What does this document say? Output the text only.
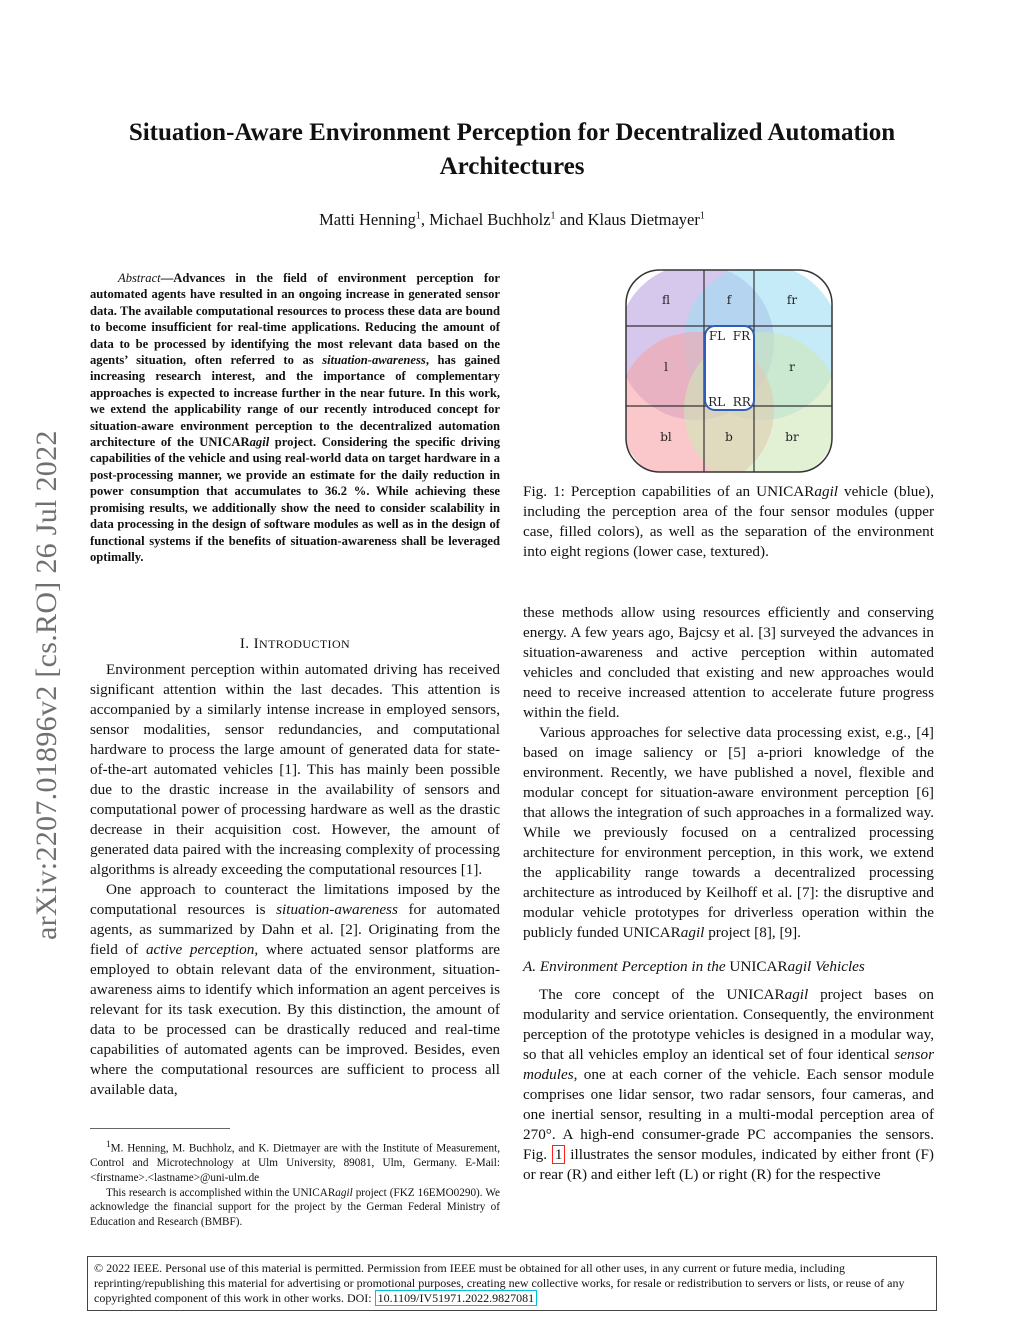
arXiv:2207.01896v2 [cs.RO] 26 Jul 2022
Situation-Aware Environment Perception for Decentralized Automation Architectures
Matti Henning$^1$, Michael Buchholz$^1$ and Klaus Dietmayer$^1$
Abstract—Advances in the field of environment perception for automated agents have resulted in an ongoing increase in generated sensor data. The available computational resources to process these data are bound to become insufficient for real-time applications. Reducing the amount of data to be processed by identifying the most relevant data based on the agents’ situation, often referred to as situation-awareness, has gained increasing research interest, and the importance of complementary approaches is expected to increase further in the near future. In this work, we extend the applicability range of our recently introduced concept for situation-aware environment perception to the decentralized automation architecture of the UNICARagil project. Considering the specific driving capabilities of the vehicle and using real-world data on target hardware in a post-processing manner, we provide an estimate for the daily reduction in power consumption that accumulates to 36.2 %. While achieving these promising results, we additionally show the need to consider scalability in data processing in the design of software modules as well as in the design of functional systems if the benefits of situation-awareness shall be leveraged optimally.
I. INTRODUCTION

Environment perception within automated driving has received significant attention within the last decades. This attention is accompanied by a similarly intense increase in employed sensors, sensor modalities, sensor redundancies, and computational hardware to process the large amount of generated data for state-of-the-art automated vehicles [1]. This has mainly been possible due to the drastic increase in the availability of sensors and computational power of processing hardware as well as the drastic decrease in their acquisition cost. However, the amount of generated data paired with the increasing complexity of processing algorithms is already exceeding the computational resources [1].

One approach to counteract the limitations imposed by the computational resources is situation-awareness for automated agents, as summarized by Dahn et al. [2]. Originating from the field of active perception, where actuated sensor platforms are employed to obtain relevant data of the environment, situation-awareness aims to identify which information an agent perceives is relevant for its task execution. By this distinction, the amount of data to be processed can be drastically reduced and real-time capabilities of automated agents can be improved. Besides, even where the computational resources are sufficient to process all available data,

$^1$M. Henning, M. Buchholz, and K. Dietmayer are with the Institute of Measurement, Control and Microtechnology at Ulm University, 89081, Ulm, Germany. E-Mail: <firstname>.<lastname>@uni-ulm.de

This research is accomplished within the UNICARagil project (FKZ 16EMO0290). We acknowledge the financial support for the project by the German Federal Ministry of Education and Research (BMBF).

fl	f	fr
l	r
bl	b	br
FL  FR
RL  RR
Fig. 1: Perception capabilities of an UNICARagil vehicle (blue), including the perception area of the four sensor modules (upper case, filled colors), as well as the separation of the environment into eight regions (lower case, textured).

these methods allow using resources efficiently and conserving energy. A few years ago, Bajcsy et al. [3] surveyed the advances in situation-awareness and active perception within automated vehicles and concluded that existing and new approaches would need to receive increased attention to accelerate future progress within the field.

Various approaches for selective data processing exist, e.g., [4] based on image saliency or [5] a-priori knowledge of the environment. Recently, we have published a novel, flexible and modular concept for situation-aware environment perception [6] that allows the integration of such approaches in a formalized way. While we previously focused on a centralized processing architecture for environment perception, in this work, we extend the applicability range towards a decentralized processing architecture as introduced by Keilhoff et al. [7]: the disruptive and modular vehicle prototypes for driverless operation within the publicly funded UNICARagil project [8], [9].

A. Environment Perception in the UNICARagil Vehicles

The core concept of the UNICARagil project bases on modularity and service orientation. Consequently, the environment perception of the prototype vehicles is designed in a modular way, so that all vehicles employ an identical set of four identical sensor modules, one at each corner of the vehicle. Each sensor module comprises one lidar sensor, two radar sensors, four cameras, and one inertial sensor, resulting in a multi-modal perception area of 270°. A high-end consumer-grade PC accompanies the sensors. Fig. 1 illustrates the sensor modules, indicated by either front (F) or rear (R) and either left (L) or right (R) for the respective

© 2022 IEEE. Personal use of this material is permitted. Permission from IEEE must be obtained for all other uses, in any current or future media, including reprinting/republishing this material for advertising or promotional purposes, creating new collective works, for resale or redistribution to servers or lists, or reuse of any copyrighted component of this work in other works. DOI: 10.1109/IV51971.2022.9827081
